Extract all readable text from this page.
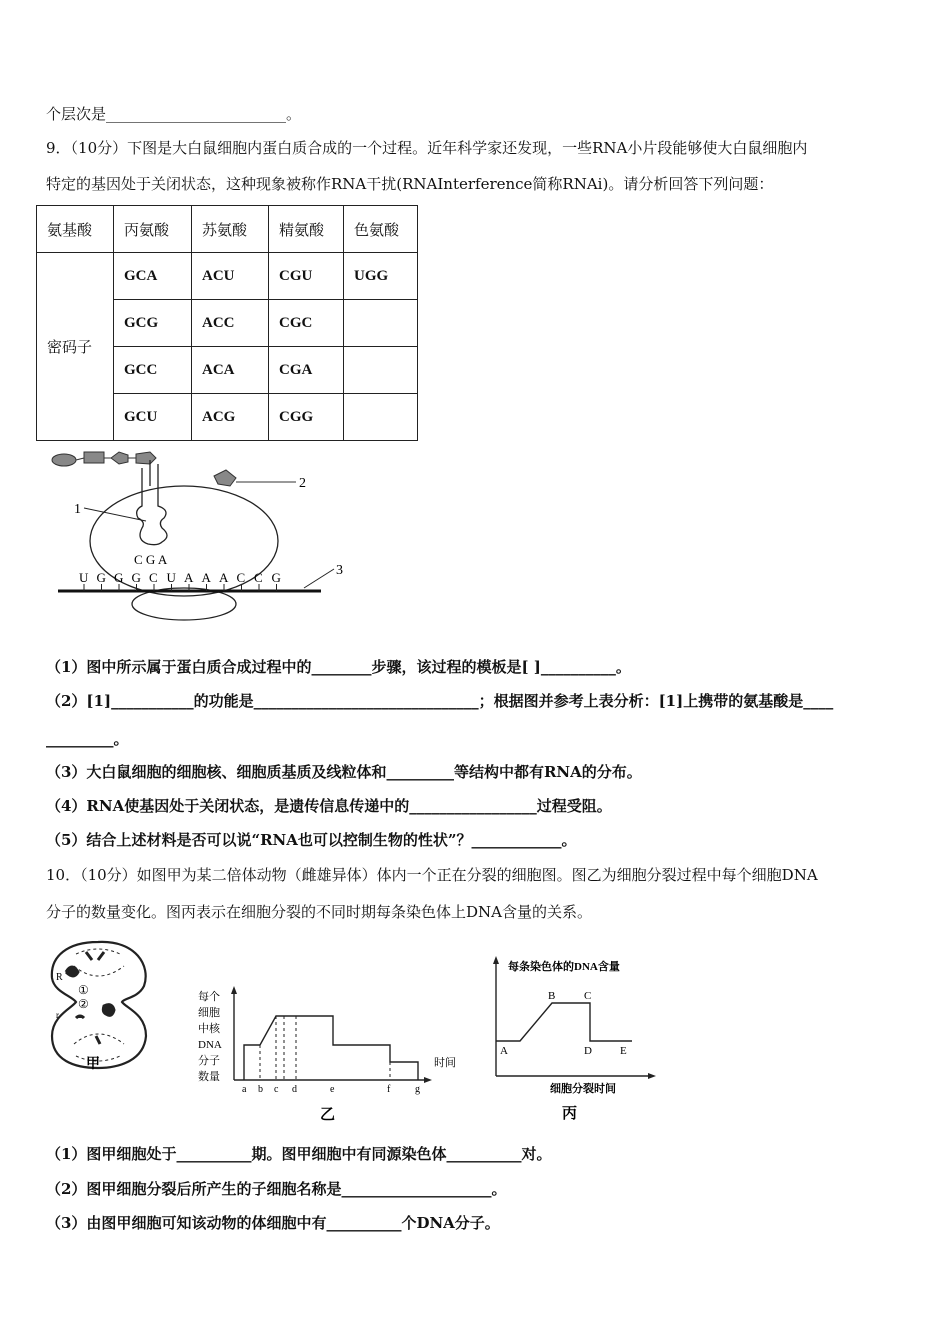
个层次是________________________。
9．（10分）下图是大白鼠细胞内蛋白质合成的一个过程。近年科学家还发现，一些RNA小片段能够使大白鼠细胞内
特定的基因处于关闭状态，这种现象被称作RNA干扰(RNAInterference简称RNAi)。请分析回答下列问题：
氨基酸	丙氨酸	苏氨酸	精氨酸	色氨酸
密码子	GCA	ACU	CGU	UGG
	GCG	ACC	CGC	
	GCC	ACA	CGA	
	GCU	ACG	CGG	
2
1
C G A
U G G G C U A A A C C G	3
（1）图中所示属于蛋白质合成过程中的________步骤，该过程的模板是[ ]__________。
（2）[1]___________的功能是______________________________；根据图并参考上表分析：[1]上携带的氨基酸是____
_________。
（3）大白鼠细胞的细胞核、细胞质基质及线粒体和_________等结构中都有RNA的分布。
（4）RNA使基因处于关闭状态，是遗传信息传递中的_________________过程受阻。
（5）结合上述材料是否可以说“RNA也可以控制生物的性状”？____________。
10．（10分）如图甲为某二倍体动物（雌雄异体）体内一个正在分裂的细胞图。图乙为细胞分裂过程中每个细胞DNA
分子的数量变化。图丙表示在细胞分裂的不同时期每条染色体上DNA含量的关系。
R
r
①
②
甲
每个
细胞
中核
DNA
分子
数量
时间
a b c d	e	f g
乙
每条染色体的DNA含量
A
B	C
D	E
细胞分裂时间
丙
（1）图甲细胞处于__________期。图甲细胞中有同源染色体__________对。
（2）图甲细胞分裂后所产生的子细胞名称是____________________。
（3）由图甲细胞可知该动物的体细胞中有__________个DNA分子。
